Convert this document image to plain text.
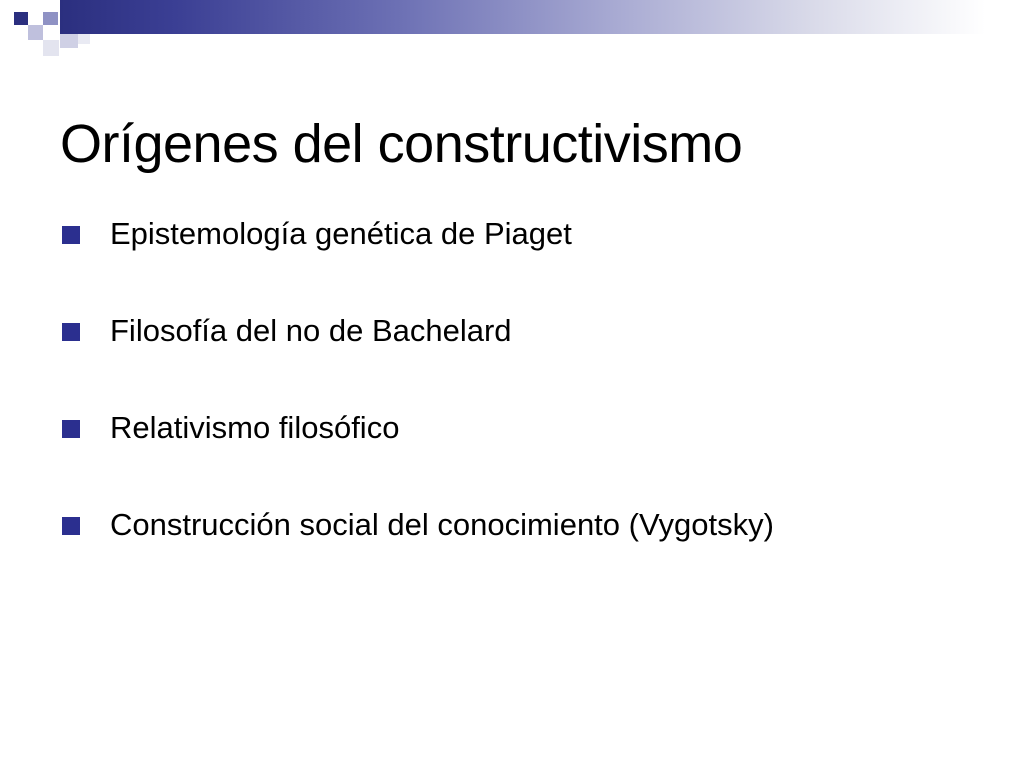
Orígenes del constructivismo
Epistemología genética de Piaget
Filosofía del no de Bachelard
Relativismo filosófico
Construcción social del conocimiento (Vygotsky)
